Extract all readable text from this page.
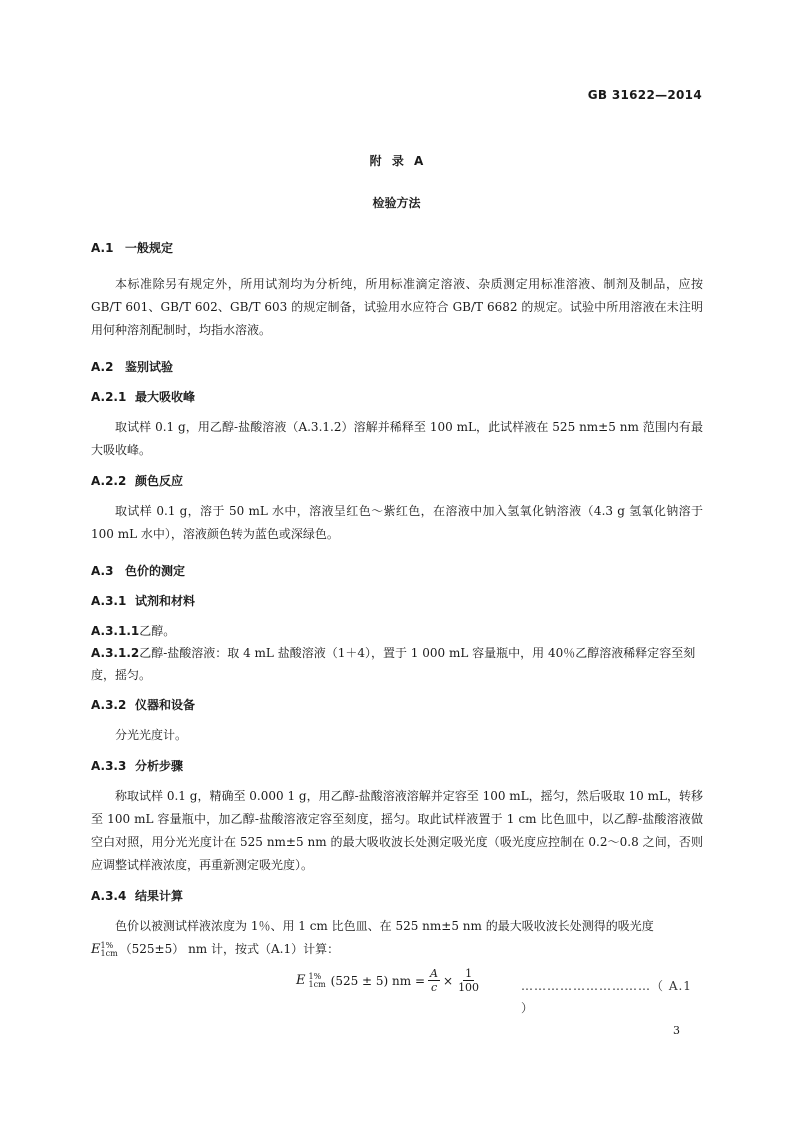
GB 31622—2014
附 录 A
检验方法
A.1 一般规定

本标准除另有规定外，所用试剂均为分析纯，所用标准滴定溶液、杂质测定用标准溶液、制剂及制品，应按 GB/T 601、GB/T 602、GB/T 603 的规定制备，试验用水应符合 GB/T 6682 的规定。试验中所用溶液在未注明用何种溶剂配制时，均指水溶液。

A.2 鉴别试验
A.2.1 最大吸收峰

取试样 0.1 g，用乙醇-盐酸溶液（A.3.1.2）溶解并稀释至 100 mL，此试样液在 525 nm±5 nm 范围内有最大吸收峰。

A.2.2 颜色反应

取试样 0.1 g，溶于 50 mL 水中，溶液呈红色～紫红色，在溶液中加入氢氧化钠溶液（4.3 g 氢氧化钠溶于 100 mL 水中），溶液颜色转为蓝色或深绿色。

A.3 色价的测定
A.3.1 试剂和材料
A.3.1.1乙醇。
A.3.1.2乙醇-盐酸溶液：取 4 mL 盐酸溶液（1＋4），置于 1 000 mL 容量瓶中，用 40％乙醇溶液稀释定容至刻度，摇匀。
A.3.2 仪器和设备

分光光度计。

A.3.3 分析步骤

称取试样 0.1 g，精确至 0.000 1 g，用乙醇-盐酸溶液溶解并定容至 100 mL，摇匀，然后吸取 10 mL，转移至 100 mL 容量瓶中，加乙醇-盐酸溶液定容至刻度，摇匀。取此试样液置于 1 cm 比色皿中，以乙醇-盐酸溶液做空白对照，用分光光度计在 525 nm±5 nm 的最大吸收波长处测定吸光度（吸光度应控制在 0.2～0.8 之间，否则应调整试样液浓度，再重新测定吸光度）。

A.3.4 结果计算

色价以被测试样液浓度为 1％、用 1 cm 比色皿、在 525 nm±5 nm 的最大吸收波长处测得的吸光度

E 1%
1cm （525±5） nm 计，按式（A.1）计算：

E 1%
1cm (525 ± 5) nm = $\frac{A}{c} \times \frac{1}{100}$	…………………………（ A.1 ）
3
